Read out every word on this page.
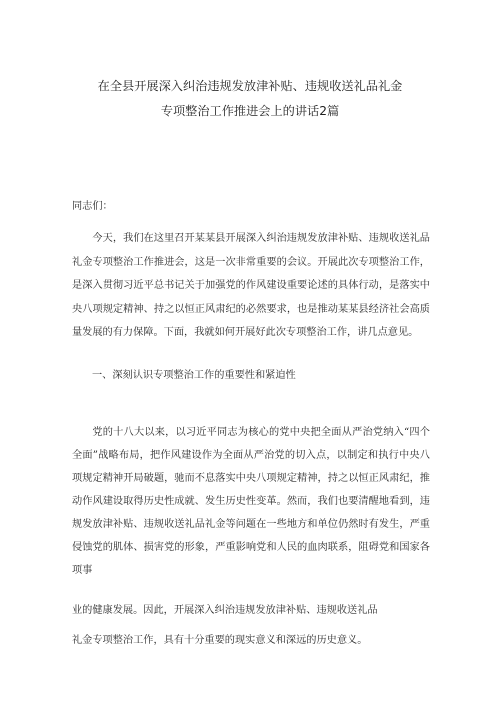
在全县开展深入纠治违规发放津补贴、违规收送礼品礼金
专项整治工作推进会上的讲话2篇
同志们：

今天，我们在这里召开某某县开展深入纠治违规发放津补贴、违规收送礼品礼金专项整治工作推进会，这是一次非常重要的会议。开展此次专项整治工作，是深入贯彻习近平总书记关于加强党的作风建设重要论述的具体行动，是落实中央八项规定精神、持之以恒正风肃纪的必然要求，也是推动某某县经济社会高质量发展的有力保障。下面，我就如何开展好此次专项整治工作，讲几点意见。

一、深刻认识专项整治工作的重要性和紧迫性

党的十八大以来，以习近平同志为核心的党中央把全面从严治党纳入“四个全面”战略布局，把作风建设作为全面从严治党的切入点，以制定和执行中央八项规定精神开局破题，驰而不息落实中央八项规定精神，持之以恒正风肃纪，推动作风建设取得历史性成就、发生历史性变革。然而，我们也要清醒地看到，违规发放津补贴、违规收送礼品礼金等问题在一些地方和单位仍然时有发生，严重侵蚀党的肌体、损害党的形象，严重影响党和人民的血肉联系，阻碍党和国家各项事

业的健康发展。因此，开展深入纠治违规发放津补贴、违规收送礼品
礼金专项整治工作，具有十分重要的现实意义和深远的历史意义。
